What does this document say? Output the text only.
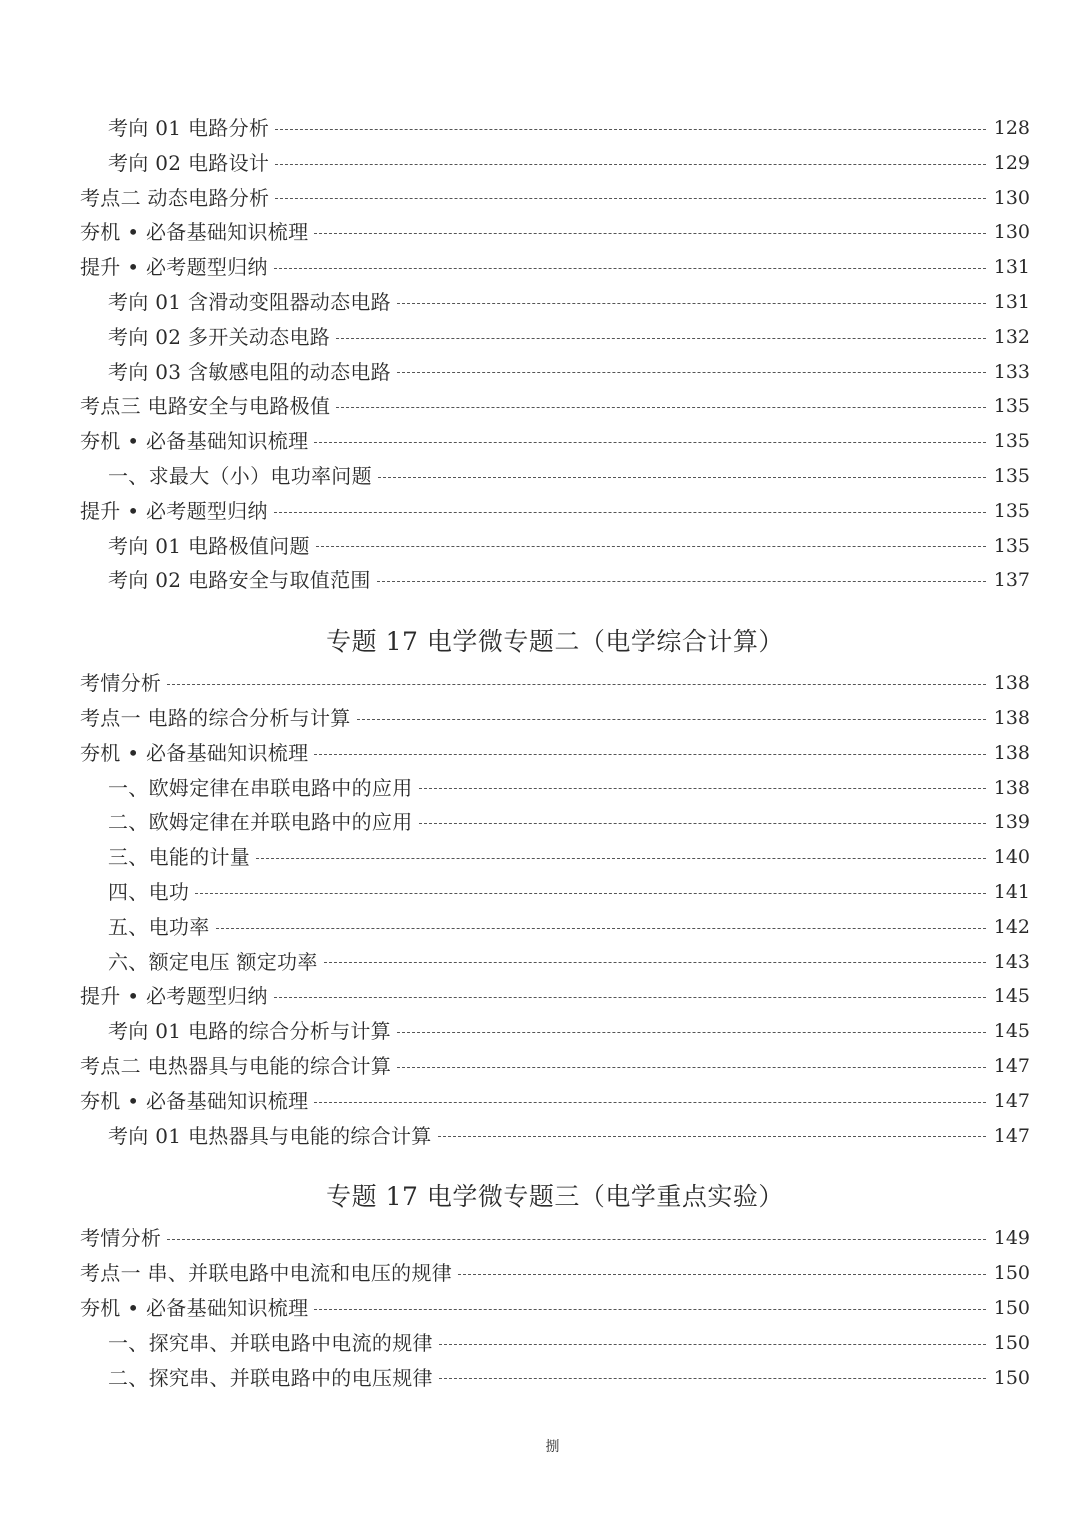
考向 01 电路分析	128
考向 02 电路设计	129
考点二 动态电路分析	130
夯机 • 必备基础知识梳理	130
提升 • 必考题型归纳	131
考向 01 含滑动变阻器动态电路	131
考向 02 多开关动态电路	132
考向 03 含敏感电阻的动态电路	133
考点三 电路安全与电路极值	135
夯机 • 必备基础知识梳理	135
一、求最大（小）电功率问题	135
提升 • 必考题型归纳	135
考向 01 电路极值问题	135
考向 02 电路安全与取值范围	137
专题 17 电学微专题二（电学综合计算）
考情分析	138
考点一 电路的综合分析与计算	138
夯机 • 必备基础知识梳理	138
一、欧姆定律在串联电路中的应用	138
二、欧姆定律在并联电路中的应用	139
三、电能的计量	140
四、电功	141
五、电功率	142
六、额定电压 额定功率	143
提升 • 必考题型归纳	145
考向 01 电路的综合分析与计算	145
考点二 电热器具与电能的综合计算	147
夯机 • 必备基础知识梳理	147
考向 01 电热器具与电能的综合计算	147
专题 17 电学微专题三（电学重点实验）
考情分析	149
考点一 串、并联电路中电流和电压的规律	150
夯机 • 必备基础知识梳理	150
一、探究串、并联电路中电流的规律	150
二、探究串、并联电路中的电压规律	150
捌
